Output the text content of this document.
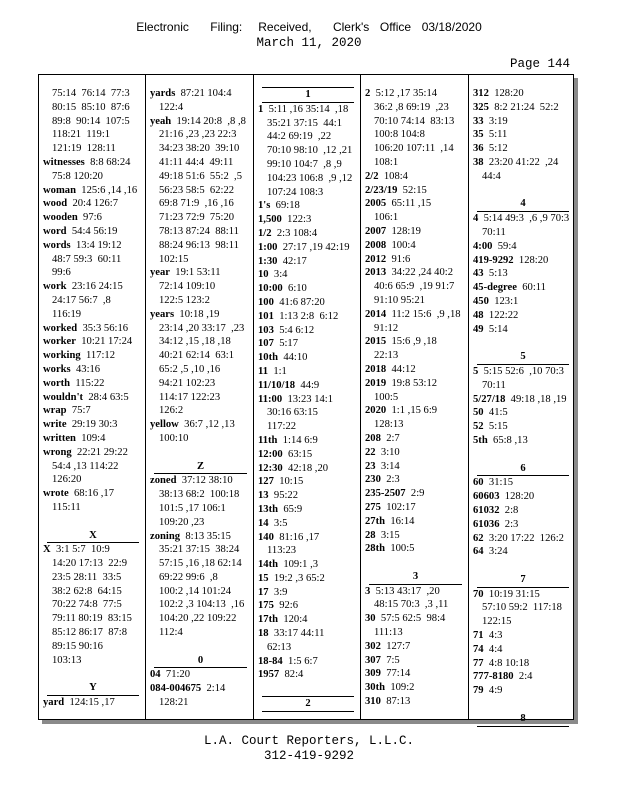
Electronic    Filing:   Received,    Clerk's  Office  03/18/2020
March 11, 2020
Page 144
75:14  76:14  77:3
80:15  85:10  87:6
89:8  90:14  107:5
118:21  119:1
121:19  128:11
witnesses  8:8 68:24
75:8 120:20
woman  125:6 ,14 ,16
wood  20:4 126:7
wooden  97:6
word  54:4 56:19
words  13:4 19:12
48:7 59:3  60:11
99:6
work  23:16 24:15
24:17 56:7  ,8
116:19
worked  35:3 56:16
worker  10:21 17:24
working  117:12
works  43:16
worth  115:22
wouldn't  28:4 63:5
wrap  75:7
write  29:19 30:3
written  109:4
wrong  22:21 29:22
54:4 ,13 114:22
126:20
wrote  68:16 ,17
115:11
X
X  3:1 5:7  10:9
14:20 17:13  22:9
23:5 28:11  33:5
38:2 62:8  64:15
70:22 74:8  77:5
79:11 80:19  83:15
85:12 86:17  87:8
89:15 90:16
103:13
Y
yard  124:15 ,17
yards  87:21 104:4
122:4
yeah  19:14 20:8  ,8 ,8
21:16 ,23 ,23 22:3
34:23 38:20  39:10
41:11 44:4  49:11
49:18 51:6  55:2  ,5
56:23 58:5  62:22
69:8 71:9  ,16 ,16
71:23 72:9  75:20
78:13 87:24  88:11
88:24 96:13  98:11
102:15
year  19:1 53:11
72:14 109:10
122:5 123:2
years  10:18 ,19
23:14 ,20 33:17  ,23
34:12 ,15 ,18 ,18
40:21 62:14  63:1
65:2 ,5 ,10 ,16
94:21 102:23
114:17 122:23
126:2
yellow  36:7 ,12 ,13
100:10
Z
zoned  37:12 38:10
38:13 68:2  100:18
101:5 ,17 106:1
109:20 ,23
zoning  8:13 35:15
35:21 37:15  38:24
57:15 ,16 ,18 62:14
69:22 99:6  ,8
100:2 ,14 101:24
102:2 ,3 104:13  ,16
104:20 ,22 109:22
112:4
0
04  71:20
084-004675  2:14
128:21
1
1  5:11 ,16 35:14  ,18
35:21 37:15  44:1
44:2 69:19  ,22
70:10 98:10  ,12 ,21
99:10 104:7  ,8 ,9
104:23 106:8  ,9 ,12
107:24 108:3
1's  69:18
1,500  122:3
1/2  2:3 108:4
1:00  27:17 ,19 42:19
1:30  42:17
10  3:4
10:00  6:10
100  41:6 87:20
101  1:13 2:8  6:12
103  5:4 6:12
107  5:17
10th  44:10
11  1:1
11/10/18  44:9
11:00  13:23 14:1
30:16 63:15
117:22
11th  1:14 6:9
12:00  63:15
12:30  42:18 ,20
127  10:15
13  95:22
13th  65:9
14  3:5
140  81:16 ,17
113:23
14th  109:1 ,3
15  19:2 ,3 65:2
17  3:9
175  92:6
17th  120:4
18  33:17 44:11
62:13
18-84  1:5 6:7
1957  82:4
2
2  5:12 ,17 35:14
36:2 ,8 69:19  ,23
70:10 74:14  83:13
100:8 104:8
106:20 107:11  ,14
108:1
2/2  108:4
2/23/19  52:15
2005  65:11 ,15
106:1
2007  128:19
2008  100:4
2012  91:6
2013  34:22 ,24 40:2
40:6 65:9  ,19 91:7
91:10 95:21
2014  11:2 15:6  ,9 ,18
91:12
2015  15:6 ,9 ,18
22:13
2018  44:12
2019  19:8 53:12
100:5
2020  1:1 ,15 6:9
128:13
208  2:7
22  3:10
23  3:14
230  2:3
235-2507  2:9
275  102:17
27th  16:14
28  3:15
28th  100:5
3
3  5:13 43:17  ,20
48:15 70:3  ,3 ,11
30  57:5 62:5  98:4
111:13
302  127:7
307  7:5
309  77:14
30th  109:2
310  87:13
312  128:20
325  8:2 21:24  52:2
33  3:19
35  5:11
36  5:12
38  23:20 41:22  ,24
44:4
4
4  5:14 49:3  ,6 ,9 70:3
70:11
4:00  59:4
419-9292  128:20
43  5:13
45-degree  60:11
450  123:1
48  122:22
49  5:14
5
5  5:15 52:6  ,10 70:3
70:11
5/27/18  49:18 ,18 ,19
50  41:5
52  5:15
5th  65:8 ,13
6
60  31:15
60603  128:20
61032  2:8
61036  2:3
62  3:20 17:22  126:2
64  3:24
7
70  10:19 31:15
57:10 59:2  117:18
122:15
71  4:3
74  4:4
77  4:8 10:18
777-8180  2:4
79  4:9
8
L.A. Court Reporters, L.L.C.
312-419-9292
